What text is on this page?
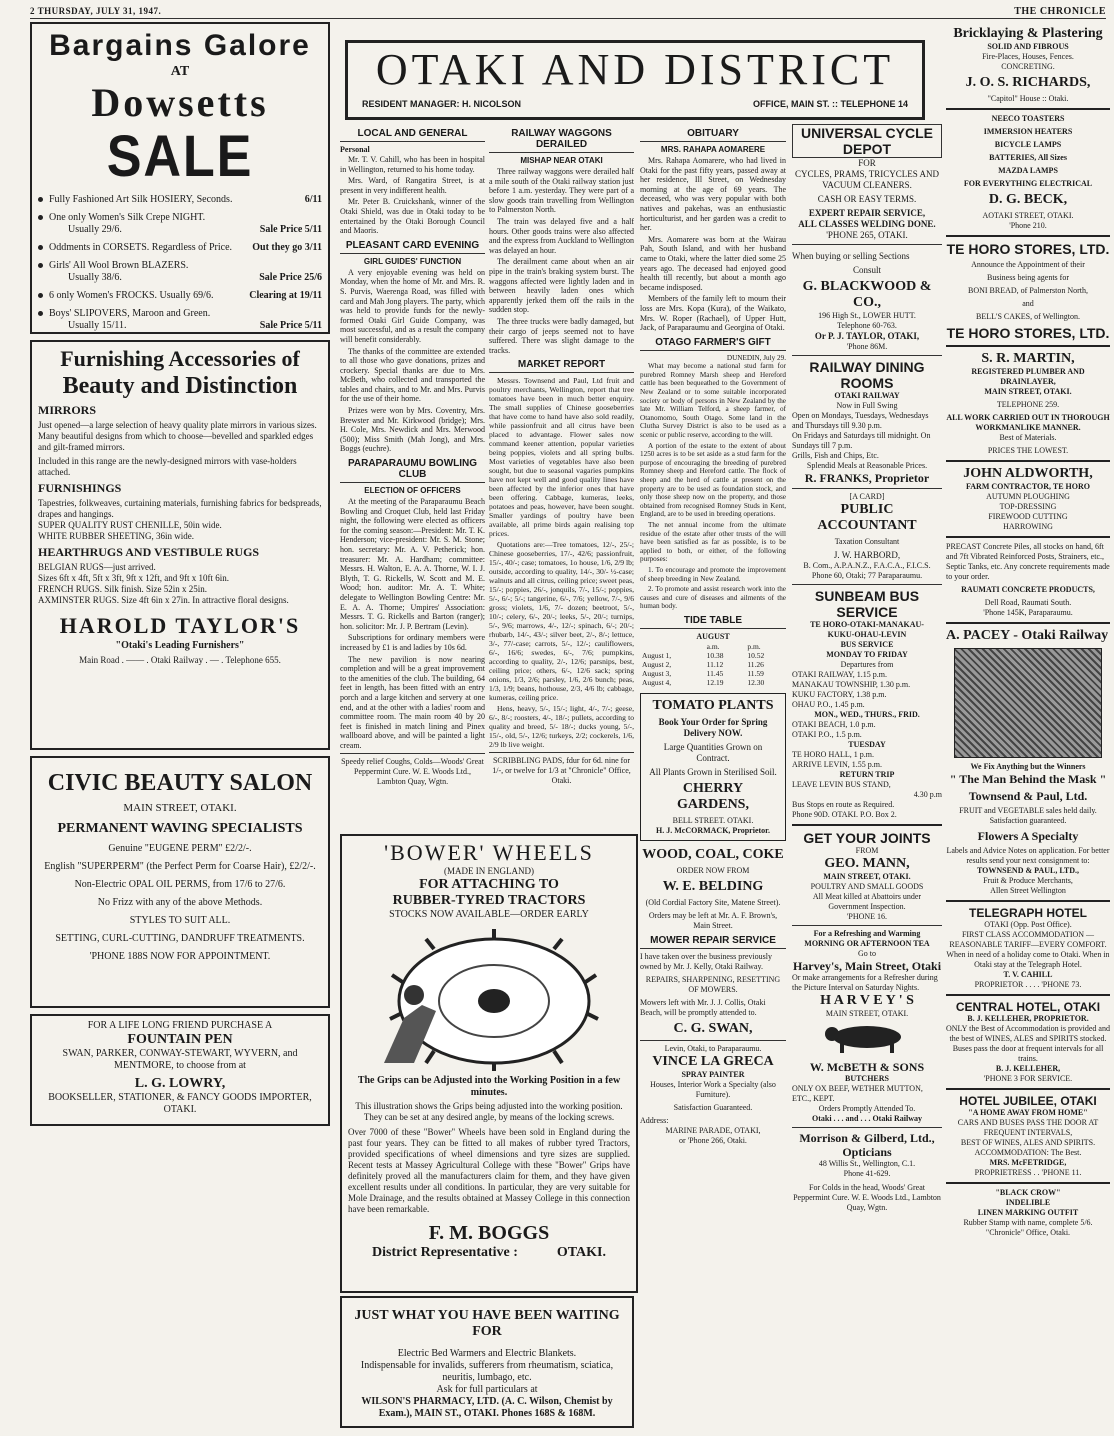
2 THURSDAY, JULY 31, 1947.	THE CHRONICLE
Bargains Galore
AT
Dowsetts
SALE
Fully Fashioned Art Silk HOSIERY, Seconds.	6/11
One only Women's Silk Crepe NIGHT.
Usually 29/6.	Sale Price 5/11
Oddments in CORSETS. Regardless of Price. Out they go 3/11
Girls' All Wool Brown BLAZERS.
Usually 38/6.	Sale Price 25/6
6 only Women's FROCKS. Usually 69/6.	Clearing at 19/11
Boys' SLIPOVERS, Maroon and Green.
Usually 15/11.	Sale Price 5/11
Furnishing Accessories of
Beauty and Distinction
MIRRORS
Just opened—a large selection of heavy quality plate mirrors in various sizes. Many beautiful designs from which to choose—bevelled and sparkled edges and gilt-framed mirrors.
Included in this range are the newly-designed mirrors with vase-holders attached.
FURNISHINGS
Tapestries, folkweaves, curtaining materials, furnishing fabrics for bedspreads, drapes and hangings.
SUPER QUALITY RUST CHENILLE, 50in wide.
WHITE RUBBER SHEETING, 36in wide.
HEARTHRUGS AND VESTIBULE RUGS
BELGIAN RUGS—just arrived.
Sizes 6ft x 4ft, 5ft x 3ft, 9ft x 12ft, and 9ft x 10ft 6in.
FRENCH RUGS. Silk finish. Size 52in x 25in.
AXMINSTER RUGS. Size 4ft 6in x 27in. In attractive floral designs.
HAROLD TAYLOR'S
"Otaki's Leading Furnishers"
Main Road . —— . Otaki Railway . — . Telephone 655.
CIVIC BEAUTY SALON
MAIN STREET, OTAKI.
PERMANENT WAVING SPECIALISTS
Genuine "EUGENE PERM" £2/2/-.
English "SUPERPERM" (the Perfect Perm for Coarse Hair), £2/2/-.
Non-Electric OPAL OIL PERMS, from 17/6 to 27/6.
No Frizz with any of the above Methods.
STYLES TO SUIT ALL.
SETTING, CURL-CUTTING, DANDRUFF TREATMENTS.
'PHONE 188S NOW FOR APPOINTMENT.
FOR A LIFE LONG FRIEND PURCHASE A
FOUNTAIN PEN
SWAN, PARKER, CONWAY-STEWART, WYVERN, and MENTMORE, to choose from at
L. G. LOWRY,
BOOKSELLER, STATIONER, & FANCY GOODS IMPORTER, OTAKI.
OTAKI AND DISTRICT
RESIDENT MANAGER: H. NICOLSON	OFFICE, MAIN ST. :: TELEPHONE 14
LOCAL AND GENERAL
Personal

Mr. T. V. Cahill, who has been in hospital in Wellington, returned to his home today.

Mrs. Ward, of Rangatira Street, is at present in very indifferent health.

Mr. Peter B. Cruickshank, winner of the Otaki Shield, was due in Otaki today to be entertained by the Otaki Borough Council and Maoris.

PLEASANT CARD EVENING
GIRL GUIDES' FUNCTION

A very enjoyable evening was held on Monday, when the home of Mr. and Mrs. R. S. Purvis, Waerenga Road, was filled with card and Mah Jong players. The party, which was held to provide funds for the newly-formed Otaki Girl Guide Company, was most successful, and as a result the company will benefit considerably.

The thanks of the committee are extended to all those who gave donations, prizes and crockery. Special thanks are due to Mrs. McBeth, who collected and transported the tables and chairs, and to Mr. and Mrs. Purvis for the use of their home.

Prizes were won by Mrs. Coventry, Mrs. Brewster and Mr. Kirkwood (bridge); Mrs. H. Cole, Mrs. Newdick and Mrs. Merwood (500); Miss Smith (Mah Jong), and Mrs. Boggs (euchre).

PARAPARAUMU BOWLING CLUB
ELECTION OF OFFICERS

At the meeting of the Paraparaumu Beach Bowling and Croquet Club, held last Friday night, the following were elected as officers for the coming season:—President: Mr. T. K. Henderson; vice-president: Mr. S. M. Stone; hon. secretary: Mr. A. V. Petherick; hon. treasurer: Mr. A. Hardham; committee: Messrs. H. Walton, E. A. A. Thorne, W. I. J. Blyth, T. G. Rickells, W. Scott and M. E. Wood; hon. auditor: Mr. A. T. White; delegate to Wellington Bowling Centre: Mr. E. A. A. Thorne; Umpires' Association: Messrs. T. G. Rickells and Barton (ranger); hon. solicitor: Mr. J. P. Bertram (Levin).

Subscriptions for ordinary members were increased by £1 is and ladies by 10s 6d.

The new pavilion is now nearing completion and will be a great improvement to the amenities of the club. The building, 64 feet in length, has been fitted with an entry porch and a large kitchen and servery at one end, and at the other with a ladies' room and committee room. The main room 40 by 20 feet is finished in match lining and Pinex wallboard above, and will be painted a light cream.

Speedy relief Coughs, Colds—Woods' Great Peppermint Cure. W. E. Woods Ltd., Lambton Quay, Wgtn.
RAILWAY WAGGONS DERAILED
MISHAP NEAR OTAKI

Three railway waggons were derailed half a mile south of the Otaki railway station just before 1 a.m. yesterday. They were part of a slow goods train travelling from Wellington to Palmerston North.

The train was delayed five and a half hours. Other goods trains were also affected and the express from Auckland to Wellington was delayed an hour.

The derailment came about when an air pipe in the train's braking system burst. The waggons affected were lightly laden and in between heavily laden ones which apparently jerked them off the rails in the sudden stop.

The three trucks were badly damaged, but their cargo of jeeps seemed not to have suffered. There was slight damage to the tracks.

MARKET REPORT

Messrs. Townsend and Paul, Ltd fruit and poultry merchants, Wellington, report that tree tomatoes have been in much better enquiry. The small supplies of Chinese gooseberries that have come to hand have also sold readily, while passionfruit and all citrus have been placed to advantage. Flower sales now command keener attention, popular varieties being poppies, violets and all spring bulbs. Most varieties of vegetables have also been sought, but due to seasonal vagaries pumpkins have not kept well and good quality lines have been affected by the inferior ones that have been offering. Cabbage, kumeras, leeks, potatoes and peas, however, have been sought. Smaller yardings of poultry have been available, all prime birds again realising top prices.

Quotations are:—Tree tomatoes, 12/-, 25/-; Chinese gooseberries, 17/-, 42/6; passionfruit, 15/-, 40/-; case; tomatoes, 1o house, 1/6, 2/9 lb; outside, according to quality, 14/-, 30/- ½-case; walnuts and all citrus, ceiling price; sweet peas, 15/-; poppies, 26/-, jonquils, 7/-, 15/-; poppies, 5/-, 6/-; 5/-; tangerine, 6/-, 7/6; yellow, 7/-, 9/6 gross; violets, 1/6, 7/- dozen; beetroot, 5/-, 10/-; celery, 6/-, 20/-; leeks, 5/-, 20/-; turnips, 5/-, 9/6; marrows, 4/-, 12/-; spinach, 6/-; 20/-; rhubarb, 14/-, 43/-; silver beet, 2/-, 8/-; lettuce, 3/-, 77/-case; carrots, 5/-, 12/-; cauliflowers, 6/-, 16/6; swedes, 6/-, 7/6; pumpkins, according to quality, 2/-, 12/6; parsnips, best, ceiling price; others, 6/-, 12/6 sack; spring onions, 1/3, 2/6; parsley, 1/6, 2/6 bunch; peas, 1/3, 1/9; beans, hothouse, 2/3, 4/6 lb; cabbage, kumeras, ceiling price.

Hens, heavy, 5/-, 15/-; light, 4/-, 7/-; geese, 6/-, 8/-; roosters, 4/-, 18/-; pullets, according to quality and breed, 5/- 18/-; ducks young, 5/-, 15/-, old, 5/-, 12/6; turkeys, 2/2; cockerels, 1/6, 2/9 lb live weight.

SCRIBBLING PADS, fdur for 6d. nine for 1/-, or twelve for 1/3 at "Chronicle" Office, Otaki.
'BOWER' WHEELS
(MADE IN ENGLAND)
FOR ATTACHING TO
RUBBER-TYRED TRACTORS
STOCKS NOW AVAILABLE—ORDER EARLY
The Grips can be Adjusted into the Working Position in a few minutes.
This illustration shows the Grips being adjusted into the working position. They can be set at any desired angle, by means of the locking screws.
Over 7000 of these "Bower" Wheels have been sold in England during the past four years. They can be fitted to all makes of rubber tyred Tractors, provided specifications of wheel dimensions and tyre sizes are supplied. Recent tests at Massey Agricultural College with these "Bower" Grips have definitely proved all the manufacturers claim for them, and they have given excellent results under all conditions. In particular, they are very suitable for Mole Drainage, and the results obtained at Massey College in this connection have been remarkable.
F. M. BOGGS
District Representative :	OTAKI.
JUST WHAT YOU HAVE BEEN WAITING FOR
Electric Bed Warmers and Electric Blankets.
Indispensable for invalids, sufferers from rheumatism, sciatica, neuritis, lumbago, etc.
Ask for full particulars at
WILSON'S PHARMACY, LTD. (A. C. Wilson, Chemist by Exam.), MAIN ST., OTAKI. Phones 168S & 168M.
OBITUARY
MRS. RAHAPA AOMARERE

Mrs. Rahapa Aomarere, who had lived in Otaki for the past fifty years, passed away at her residence, Ill Street, on Wednesday morning at the age of 69 years. The deceased, who was very popular with both natives and pakehas, was an enthusiastic horticulturist, and her garden was a credit to her.

Mrs. Aomarere was born at the Wairau Pah, South Island, and with her husband came to Otaki, where the latter died some 25 years ago. The deceased had enjoyed good health till recently, but about a month ago became indisposed.

Members of the family left to mourn their loss are Mrs. Kopa (Kura), of the Waikato, Mrs. W. Roper (Rachael), of Upper Hutt, Jack, of Paraparaumu and Georgina of Otaki.

OTAGO FARMER'S GIFT
DUNEDIN, July 29.

What may become a national stud farm for purebred Romney Marsh sheep and Hereford cattle has been bequeathed to the Government of New Zealand or to some suitable incorporated society or body of persons in New Zealand by the late Mr. William Telford, a sheep farmer, of Otanomomo, South Otago. Some land in the Clutha Survey District is also to be used as a scenic or public reserve, according to the will.

A portion of the estate to the extent of about 1250 acres is to be set aside as a stud farm for the purpose of encouraging the breeding of purebred Romney sheep and Hereford cattle. The flock of sheep and the herd of cattle at present on the property are to be used as foundation stock, and only those sheep now on the property, and those obtained from recognised Romney Studs in Kent, England, are to be used in breeding operations.

The net annual income from the ultimate residue of the estate after other trusts of the will have been satisfied as far as possible, is to be applied to both, or either, of the following purposes:

1. To encourage and promote the improvement of sheep breeding in New Zealand.

2. To promote and assist research work into the causes and cure of diseases and ailments of the human body.

TIDE TABLE
AUGUST
	a.m.	p.m.
August 1,	10.38	10.52
August 2,	11.12	11.26
August 3,	11.45	11.59
August 4,	12.19	12.30
TOMATO PLANTS
Book Your Order for Spring Delivery NOW.
Large Quantities Grown on Contract.
All Plants Grown in Sterilised Soil.
CHERRY GARDENS,
BELL STREET. OTAKI.
H. J. McCORMACK, Proprietor.
WOOD, COAL, COKE
ORDER NOW FROM
W. E. BELDING
(Old Cordial Factory Site, Matene Street).
Orders may be left at Mr. A. F. Brown's, Main Street.
MOWER REPAIR SERVICE
I have taken over the business previously owned by Mr. J. Kelly, Otaki Railway.
REPAIRS, SHARPENING, RESETTING OF MOWERS.
Mowers left with Mr. J. J. Collis, Otaki Beach, will be promptly attended to.
C. G. SWAN,
Levin, Otaki, to Paraparaumu.
VINCE LA GRECA
SPRAY PAINTER
Houses, Interior Work a Specialty (also Furniture).
Satisfaction Guaranteed.
Address:
MARINE PARADE, OTAKI,
or 'Phone 266, Otaki.
UNIVERSAL CYCLE DEPOT
FOR
CYCLES, PRAMS, TRICYCLES AND VACUUM CLEANERS.
CASH OR EASY TERMS.
EXPERT REPAIR SERVICE,
ALL CLASSES WELDING DONE.
'PHONE 265, OTAKI.
When buying or selling Sections
Consult
G. BLACKWOOD & CO.,
196 High St., LOWER HUTT.
Telephone 60-763.
Or P. J. TAYLOR, OTAKI,
'Phone 86M.
RAILWAY DINING ROOMS
OTAKI RAILWAY
Now in Full Swing
Open on Mondays, Tuesdays, Wednesdays and Thursdays till 9.30 p.m.
On Fridays and Saturdays till midnight. On Sundays till 7 p.m.
Grills, Fish and Chips, Etc.
Splendid Meals at Reasonable Prices.
R. FRANKS, Proprietor
[A CARD]
PUBLIC ACCOUNTANT
Taxation Consultant
J. W. HARBORD,
B. Com., A.P.A.N.Z., F.A.C.A., F.I.C.S.
Phone 60, Otaki; 77 Paraparaumu.
SUNBEAM BUS SERVICE
TE HORO-OTAKI-MANAKAU-
KUKU-OHAU-LEVIN
BUS SERVICE
MONDAY TO FRIDAY
Departures from
OTAKI RAILWAY, 1.15 p.m.
MANAKAU TOWNSHIP, 1.30 p.m.
KUKU FACTORY, 1.38 p.m.
OHAU P.O., 1.45 p.m.
MON., WED., THURS., FRID.
OTAKI BEACH, 1.0 p.m.
OTAKI P.O., 1.5 p.m.
TUESDAY
TE HORO HALL, 1 p.m.
ARRIVE LEVIN, 1.55 p.m.
RETURN TRIP
LEAVE LEVIN BUS STAND,
4.30 p.m
Bus Stops en route as Required.
Phone 90D. OTAKI. P.O. Box 2.
GET YOUR JOINTS
FROM
GEO. MANN,
MAIN STREET, OTAKI.
POULTRY AND SMALL GOODS
All Meat killed at Abattoirs under Government Inspection.
'PHONE 16.
For a Refreshing and Warming
MORNING OR AFTERNOON TEA
Go to
Harvey's, Main Street, Otaki
Or make arrangements for a Refresher during the Picture Interval on Saturday Nights.
H A R V E Y ' S
MAIN STREET, OTAKI.
W. McBETH & SONS
BUTCHERS
ONLY OX BEEF, WETHER MUTTON, ETC., KEPT.
Orders Promptly Attended To.
Otaki . . . and . . . Otaki Railway
Morrison & Gilberd, Ltd.,
Opticians
48 Willis St., Wellington, C.1.
Phone 41-629.
For Colds in the head, Woods' Great Peppermint Cure. W. E. Woods Ltd., Lambton Quay, Wgtn.
Bricklaying & Plastering
SOLID AND FIBROUS
Fire-Places, Houses, Fences.
CONCRETING.
J. O. S. RICHARDS,
"Capitol" House :: Otaki.
NEECO TOASTERS
IMMERSION HEATERS
BICYCLE LAMPS
BATTERIES, All Sizes
MAZDA LAMPS
FOR EVERYTHING ELECTRICAL
D. G. BECK,
AOTAKI STREET, OTAKI.
'Phone 210.
TE HORO STORES, LTD.
Announce the Appointment of their
Business being agents for
BONI BREAD, of Palmerston North,
and
BELL'S CAKES, of Wellington.
TE HORO STORES, LTD.
S. R. MARTIN,
REGISTERED PLUMBER AND DRAINLAYER,
MAIN STREET, OTAKI.
TELEPHONE 259.
ALL WORK CARRIED OUT IN THOROUGH WORKMANLIKE MANNER.
Best of Materials.
PRICES THE LOWEST.
JOHN ALDWORTH,
FARM CONTRACTOR, TE HORO
AUTUMN PLOUGHING
TOP-DRESSING
FIREWOOD CUTTING
HARROWING
PRECAST Concrete Piles, all stocks on hand, 6ft and 7ft Vibrated Reinforced Posts, Strainers, etc., Septic Tanks, etc. Any concrete requirements made to your order.
RAUMATI CONCRETE PRODUCTS,
Dell Road, Raumati South.
'Phone 145K, Paraparaumu.
A. PACEY - Otaki Railway
We Fix Anything but the Winners
" The Man Behind the Mask "
Townsend & Paul, Ltd.
FRUIT and VEGETABLE sales held daily. Satisfaction guaranteed.
Flowers A Specialty
Labels and Advice Notes on application. For better results send your next consignment to:
TOWNSEND & PAUL, LTD.,
Fruit & Produce Merchants,
Allen Street Wellington
TELEGRAPH HOTEL
OTAKI (Opp. Post Office).
FIRST CLASS ACCOMMODATION —REASONABLE TARIFF—EVERY COMFORT.
When in need of a holiday come to Otaki. When in Otaki stay at the Telegraph Hotel.
T. V. CAHILL
PROPRIETOR . . . . 'PHONE 73.
CENTRAL HOTEL, OTAKI
B. J. KELLEHER, PROPRIETOR.
ONLY the Best of Accommodation is provided and the best of WINES, ALES and SPIRITS stocked.
Buses pass the door at frequent intervals for all trains.
B. J. KELLEHER,
'PHONE 3 FOR SERVICE.
HOTEL JUBILEE, OTAKI
"A HOME AWAY FROM HOME"
CARS AND BUSES PASS THE DOOR AT FREQUENT INTERVALS,
BEST OF WINES, ALES AND SPIRITS.
ACCOMMODATION: The Best.
MRS. McFETRIDGE,
PROPRIETRESS . . 'PHONE 11.
"BLACK CROW"
INDELIBLE
LINEN MARKING OUTFIT
Rubber Stamp with name, complete 5/6.
"Chronicle" Office, Otaki.
